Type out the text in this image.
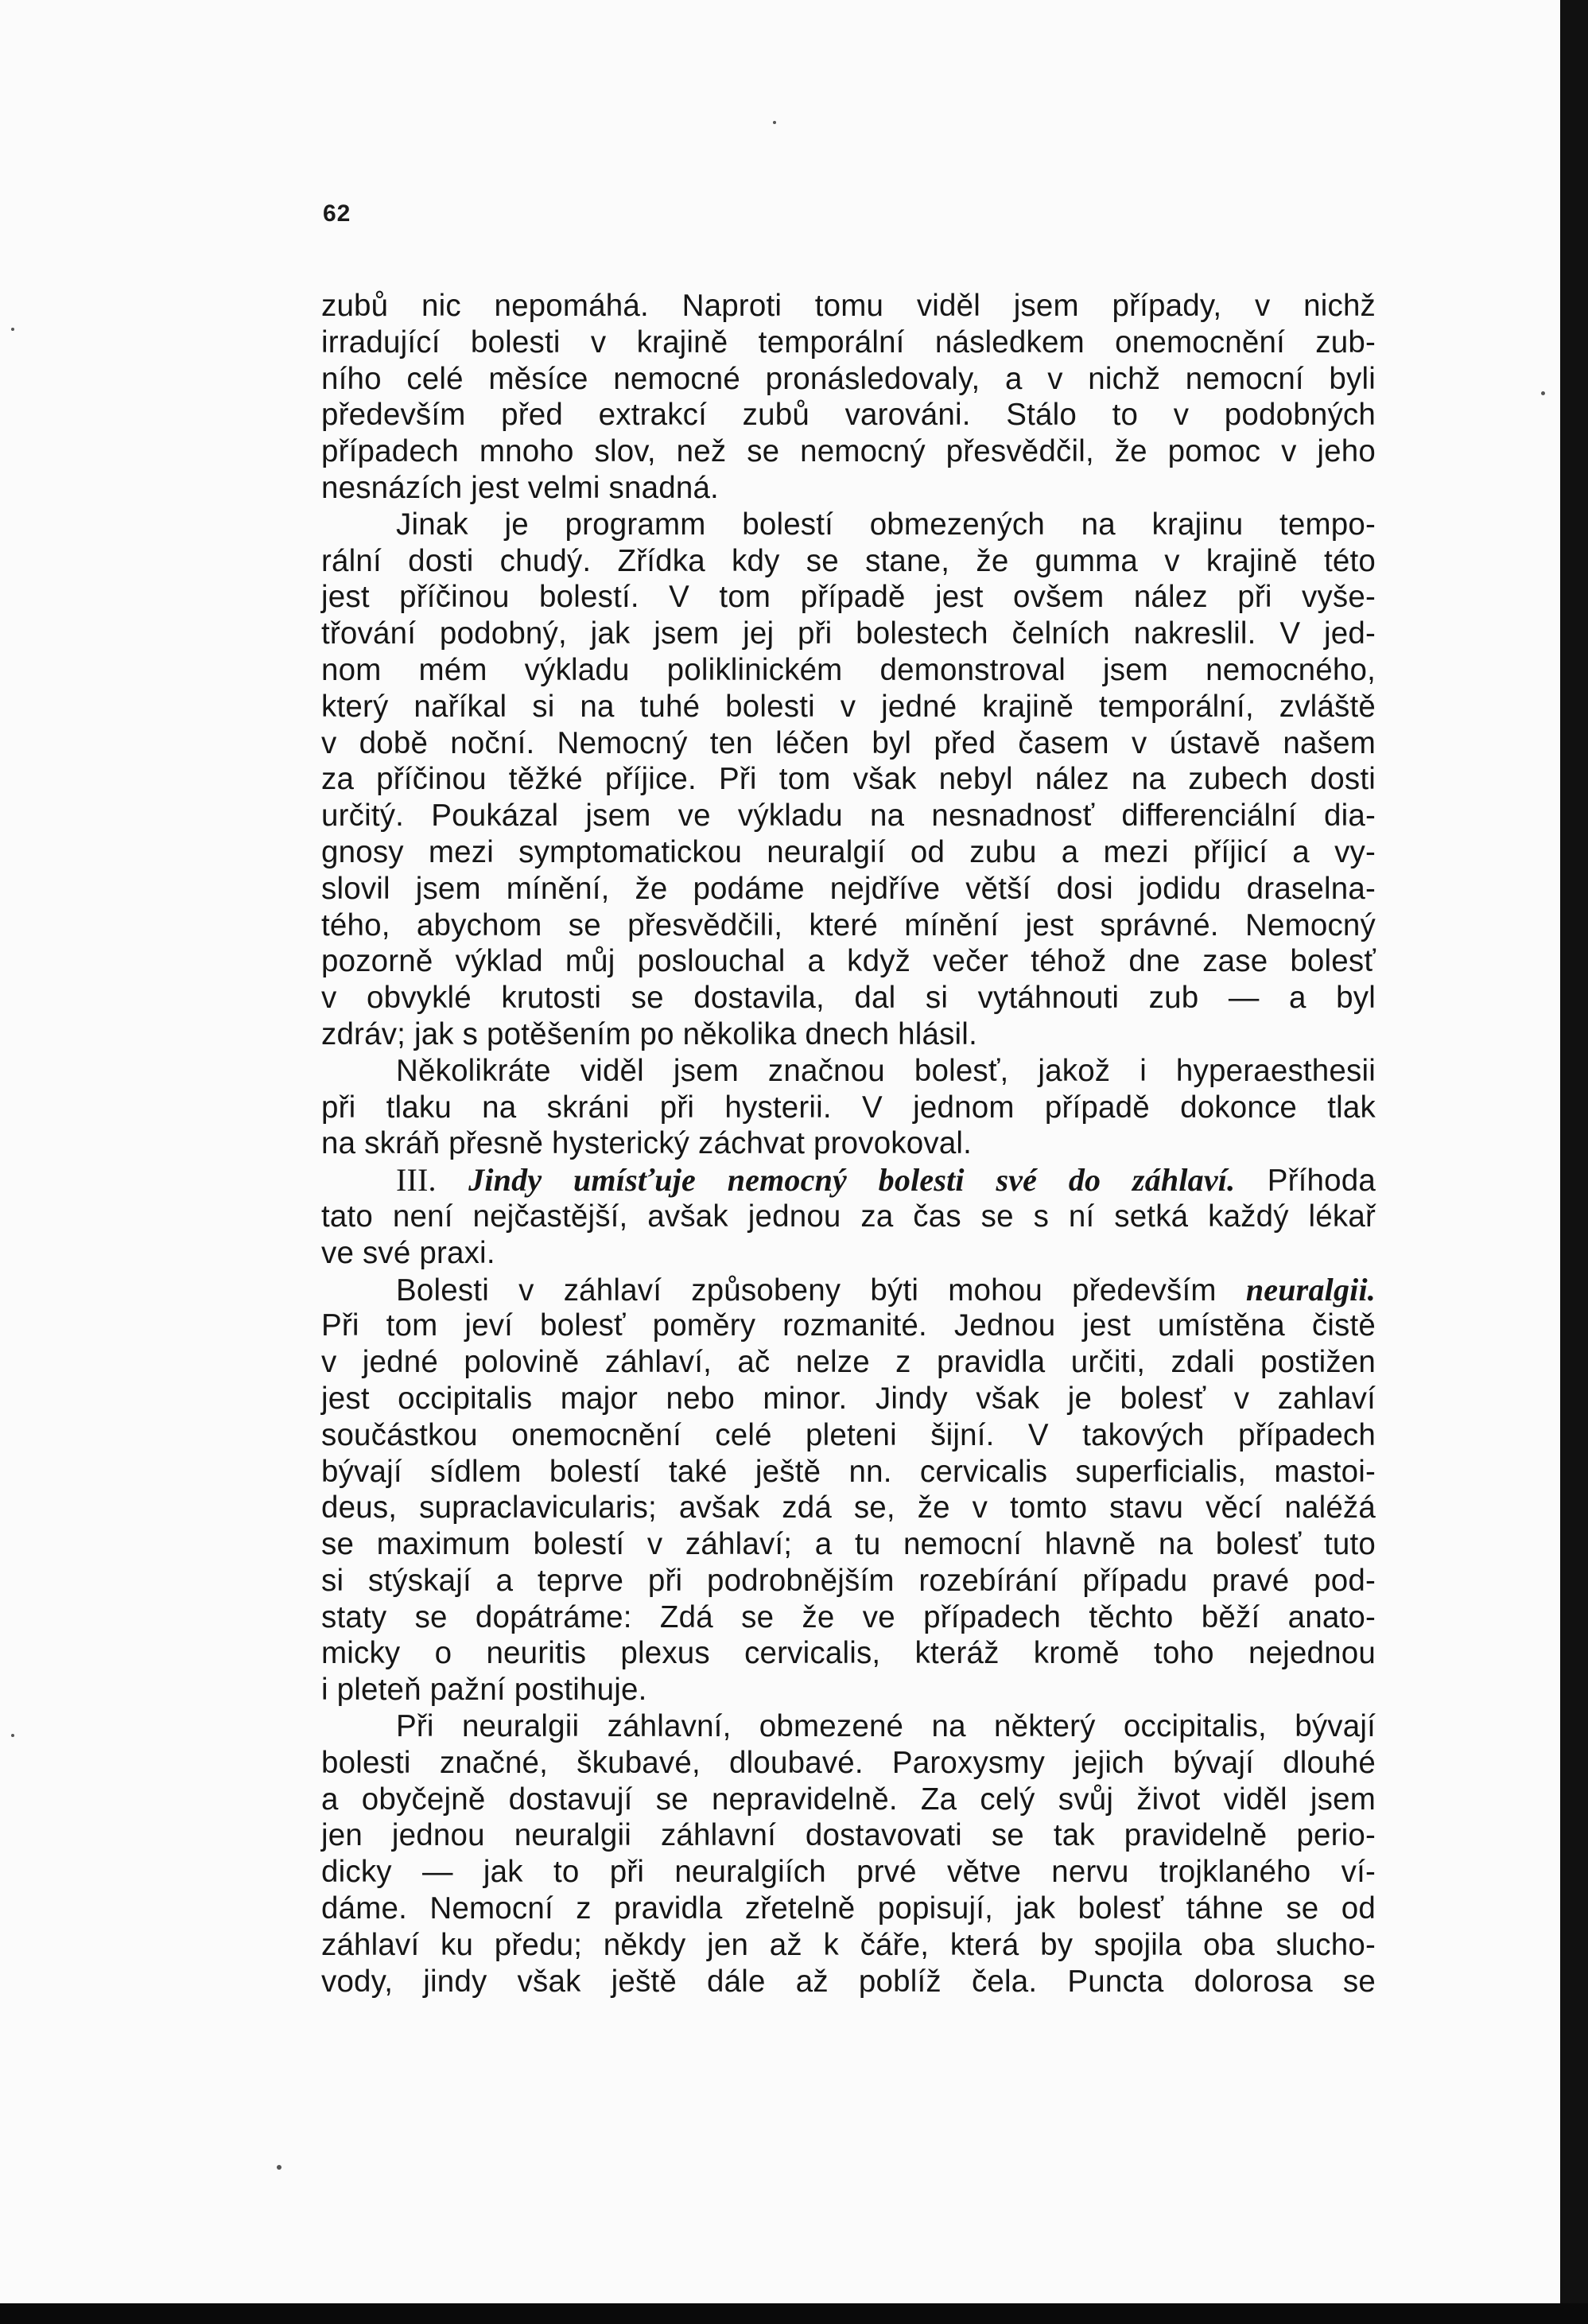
62
zubů nic nepomáhá. Naproti tomu viděl jsem případy, v nichž
irradující bolesti v krajině temporální následkem onemocnění zub-
ního celé měsíce nemocné pronásledovaly, a v nichž nemocní byli
především před extrakcí zubů varováni. Stálo to v podobných
případech mnoho slov, než se nemocný přesvědčil, že pomoc v jeho
nesnázích jest velmi snadná.
Jinak je programm bolestí obmezených na krajinu tempo-
rální dosti chudý. Zřídka kdy se stane, že gumma v krajině této
jest příčinou bolestí. V tom případě jest ovšem nález při vyše-
třování podobný, jak jsem jej při bolestech čelních nakreslil. V jed-
nom mém výkladu poliklinickém demonstroval jsem nemocného,
který naříkal si na tuhé bolesti v jedné krajině temporální, zvláště
v době noční. Nemocný ten léčen byl před časem v ústavě našem
za příčinou těžké příjice. Při tom však nebyl nález na zubech dosti
určitý. Poukázal jsem ve výkladu na nesnadnosť differenciální dia-
gnosy mezi symptomatickou neuralgií od zubu a mezi příjicí a vy-
slovil jsem mínění, že podáme nejdříve větší dosi jodidu draselna-
tého, abychom se přesvědčili, které mínění jest správné. Nemocný
pozorně výklad můj poslouchal a když večer téhož dne zase bolesť
v obvyklé krutosti se dostavila, dal si vytáhnouti zub — a byl
zdráv; jak s potěšením po několika dnech hlásil.
Několikráte viděl jsem značnou bolesť, jakož i hyperaesthesii
při tlaku na skráni při hysterii. V jednom případě dokonce tlak
na skráň přesně hysterický záchvat provokoval.
III. Jindy umísťuje nemocný bolesti své do záhlaví. Příhoda
tato není nejčastější, avšak jednou za čas se s ní setká každý lékař
ve své praxi.
Bolesti v záhlaví způsobeny býti mohou především neuralgii.
Při tom jeví bolesť poměry rozmanité. Jednou jest umístěna čistě
v jedné polovině záhlaví, ač nelze z pravidla určiti, zdali postižen
jest occipitalis major nebo minor. Jindy však je bolesť v zahlaví
součástkou onemocnění celé pleteni šijní. V takových případech
bývají sídlem bolestí také ještě nn. cervicalis superficialis, mastoi-
deus, supraclavicularis; avšak zdá se, že v tomto stavu věcí naléžá
se maximum bolestí v záhlaví; a tu nemocní hlavně na bolesť tuto
si stýskají a teprve při podrobnějším rozebírání případu pravé pod-
staty se dopátráme: Zdá se že ve případech těchto běží anato-
micky o neuritis plexus cervicalis, kteráž kromě toho nejednou
i pleteň pažní postihuje.
Při neuralgii záhlavní, obmezené na některý occipitalis, bývají
bolesti značné, škubavé, dloubavé. Paroxysmy jejich bývají dlouhé
a obyčejně dostavují se nepravidelně. Za celý svůj život viděl jsem
jen jednou neuralgii záhlavní dostavovati se tak pravidelně perio-
dicky — jak to při neuralgiích prvé větve nervu trojklaného ví-
dáme. Nemocní z pravidla zřetelně popisují, jak bolesť táhne se od
záhlaví ku předu; někdy jen až k čáře, která by spojila oba slucho-
vody, jindy však ještě dále až poblíž čela. Puncta dolorosa se
